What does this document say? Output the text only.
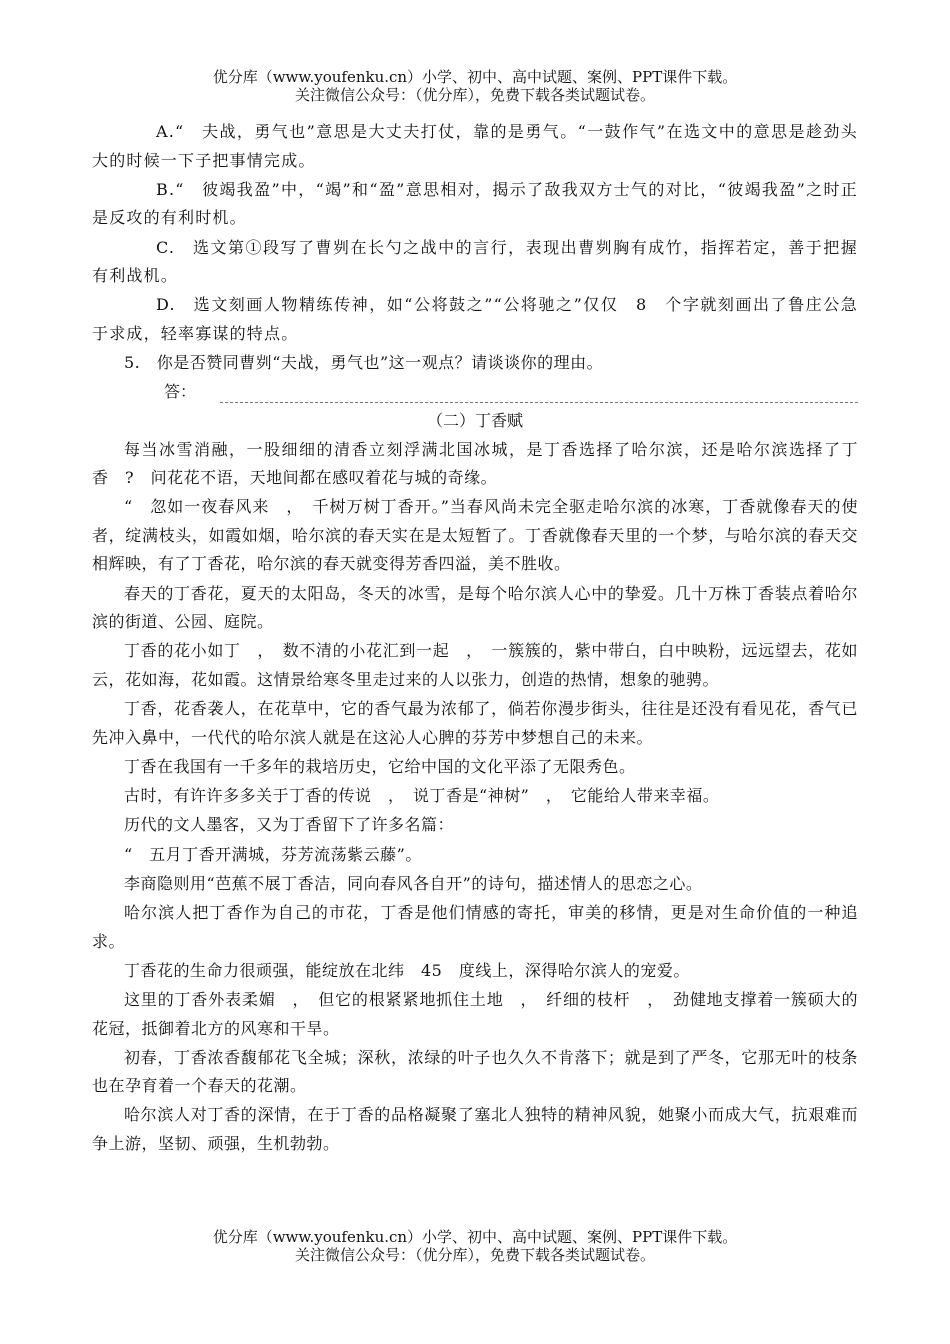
优分库（www.youfenku.cn）小学、初中、高中试题、案例、PPT课件下载。
关注微信公众号：（优分库），免费下载各类试题试卷。
A.“　夫战，勇气也”意思是大丈夫打仗，靠的是勇气。“一鼓作气”在选文中的意思是趁劲头大的时候一下子把事情完成。
B.“　彼竭我盈”中，“竭”和“盈”意思相对，揭示了敌我双方士气的对比，“彼竭我盈”之时正是反攻的有利时机。
C.　选文第①段写了曹刿在长勺之战中的言行，表现出曹刿胸有成竹，指挥若定，善于把握有利战机。
D.　选文刻画人物精练传神，如“公将鼓之”“公将驰之”仅仅　8　个字就刻画出了鲁庄公急于求成，轻率寡谋的特点。
5.　你是否赞同曹刿“夫战，勇气也”这一观点？请谈谈你的理由。
答：
（二）丁香赋
每当冰雪消融，一股细细的清香立刻浮满北国冰城，是丁香选择了哈尔滨，还是哈尔滨选择了丁香　?　问花花不语，天地间都在感叹着花与城的奇缘。
“　忽如一夜春风来　，　千树万树丁香开。”当春风尚未完全驱走哈尔滨的冰寒，丁香就像春天的使者，绽满枝头，如霞如烟，哈尔滨的春天实在是太短暂了。丁香就像春天里的一个梦，与哈尔滨的春天交相辉映，有了丁香花，哈尔滨的春天就变得芳香四溢，美不胜收。
春天的丁香花，夏天的太阳岛，冬天的冰雪，是每个哈尔滨人心中的挚爱。几十万株丁香装点着哈尔滨的街道、公园、庭院。
丁香的花小如丁　，　数不清的小花汇到一起　，　一簇簇的，紫中带白，白中映粉，远远望去，花如云，花如海，花如霞。这情景给寒冬里走过来的人以张力，创造的热情，想象的驰骋。
丁香，花香袭人，在花草中，它的香气最为浓郁了，倘若你漫步街头，往往是还没有看见花，香气已先冲入鼻中，一代代的哈尔滨人就是在这沁人心脾的芬芳中梦想自己的未来。
丁香在我国有一千多年的栽培历史，它给中国的文化平添了无限秀色。
古时，有许许多多关于丁香的传说　，　说丁香是“神树”　，　它能给人带来幸福。
历代的文人墨客，又为丁香留下了许多名篇：
“　五月丁香开满城，芬芳流荡紫云藤”。
李商隐则用“芭蕉不展丁香洁，同向春风各自开”的诗句，描述情人的思恋之心。
哈尔滨人把丁香作为自己的市花，丁香是他们情感的寄托，审美的移情，更是对生命价值的一种追求。
丁香花的生命力很顽强，能绽放在北纬　45　度线上，深得哈尔滨人的宠爱。
这里的丁香外表柔媚　，　但它的根紧紧地抓住土地　，　纤细的枝杆　，　劲健地支撑着一簇硕大的花冠，抵御着北方的风寒和干旱。
初春，丁香浓香馥郁花飞全城；深秋，浓绿的叶子也久久不肯落下；就是到了严冬，它那无叶的枝条也在孕育着一个春天的花潮。
哈尔滨人对丁香的深情，在于丁香的品格凝聚了塞北人独特的精神风貌，她聚小而成大气，抗艰难而争上游，坚韧、顽强，生机勃勃。
优分库（www.youfenku.cn）小学、初中、高中试题、案例、PPT课件下载。
关注微信公众号：（优分库），免费下载各类试题试卷。
